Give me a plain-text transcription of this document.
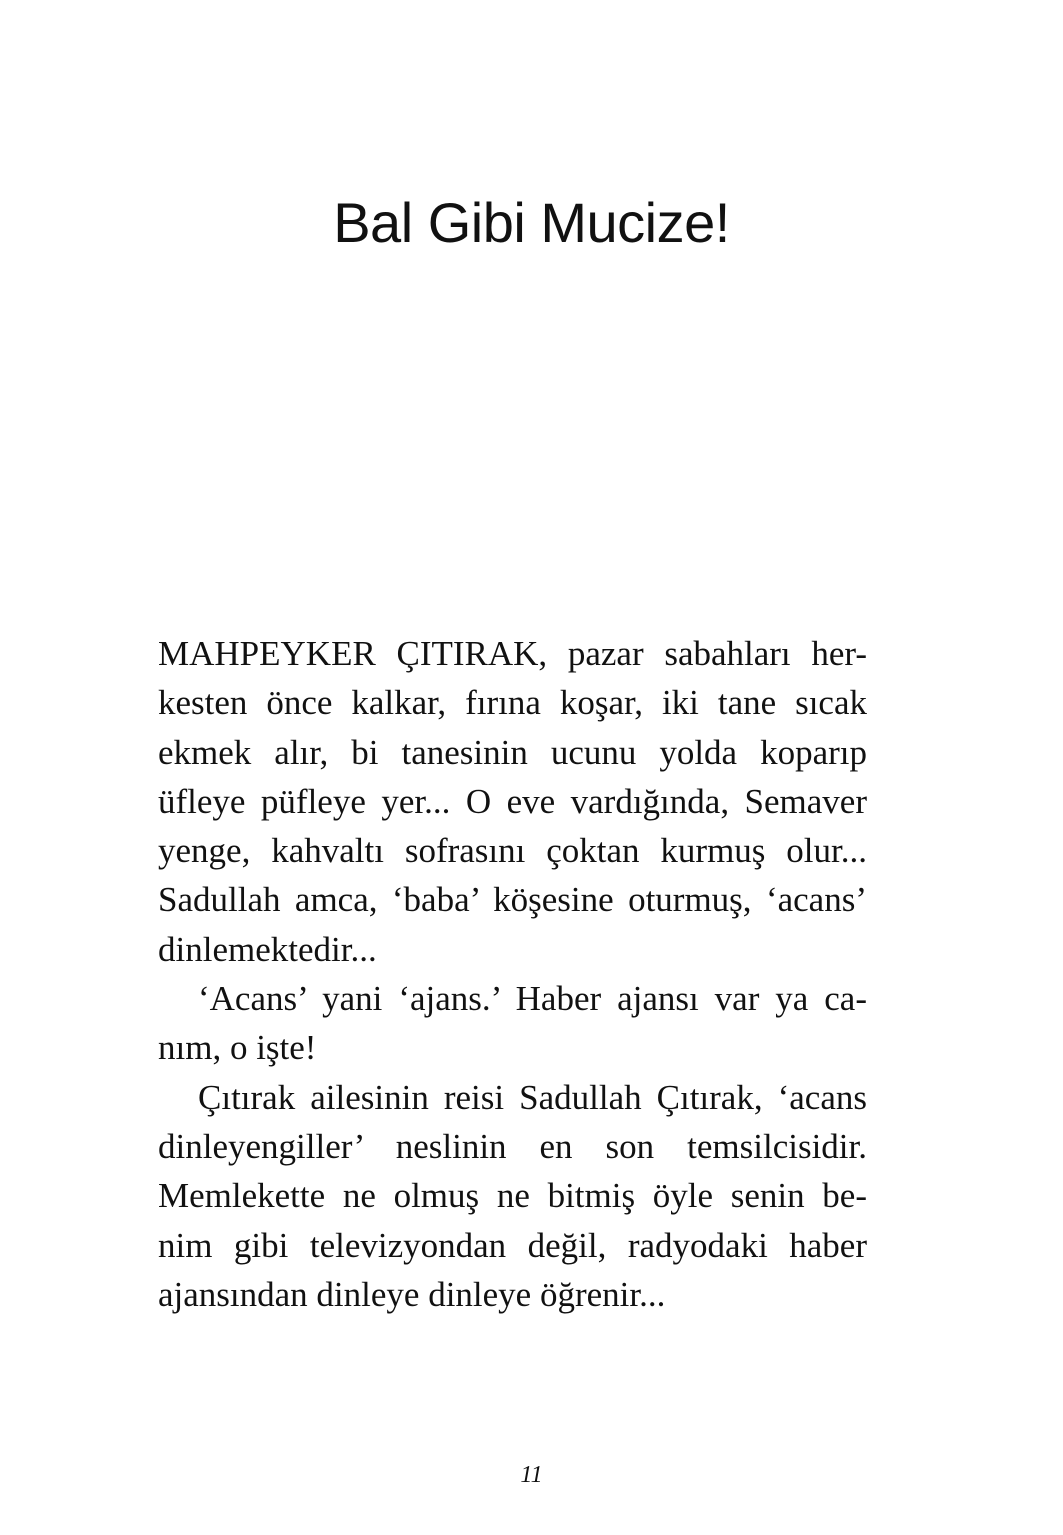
Bal Gibi Mucize!
MAHPEYKER ÇITIRAK, pazar sabahları her-
kesten önce kalkar, fırına koşar, iki tane sıcak
ekmek alır, bi tanesinin ucunu yolda koparıp
üfleye püfleye yer... O eve vardığında, Semaver
yenge, kahvaltı sofrasını çoktan kurmuş olur...
Sadullah amca, ‘baba’ köşesine oturmuş, ‘acans’
dinlemektedir...
‘Acans’ yani ‘ajans.’ Haber ajansı var ya ca-
nım, o işte!
Çıtırak ailesinin reisi Sadullah Çıtırak, ‘acans
dinleyengiller’ neslinin en son temsilcisidir.
Memlekette ne olmuş ne bitmiş öyle senin be-
nim gibi televizyondan değil, radyodaki haber
ajansından dinleye dinleye öğrenir...
11
